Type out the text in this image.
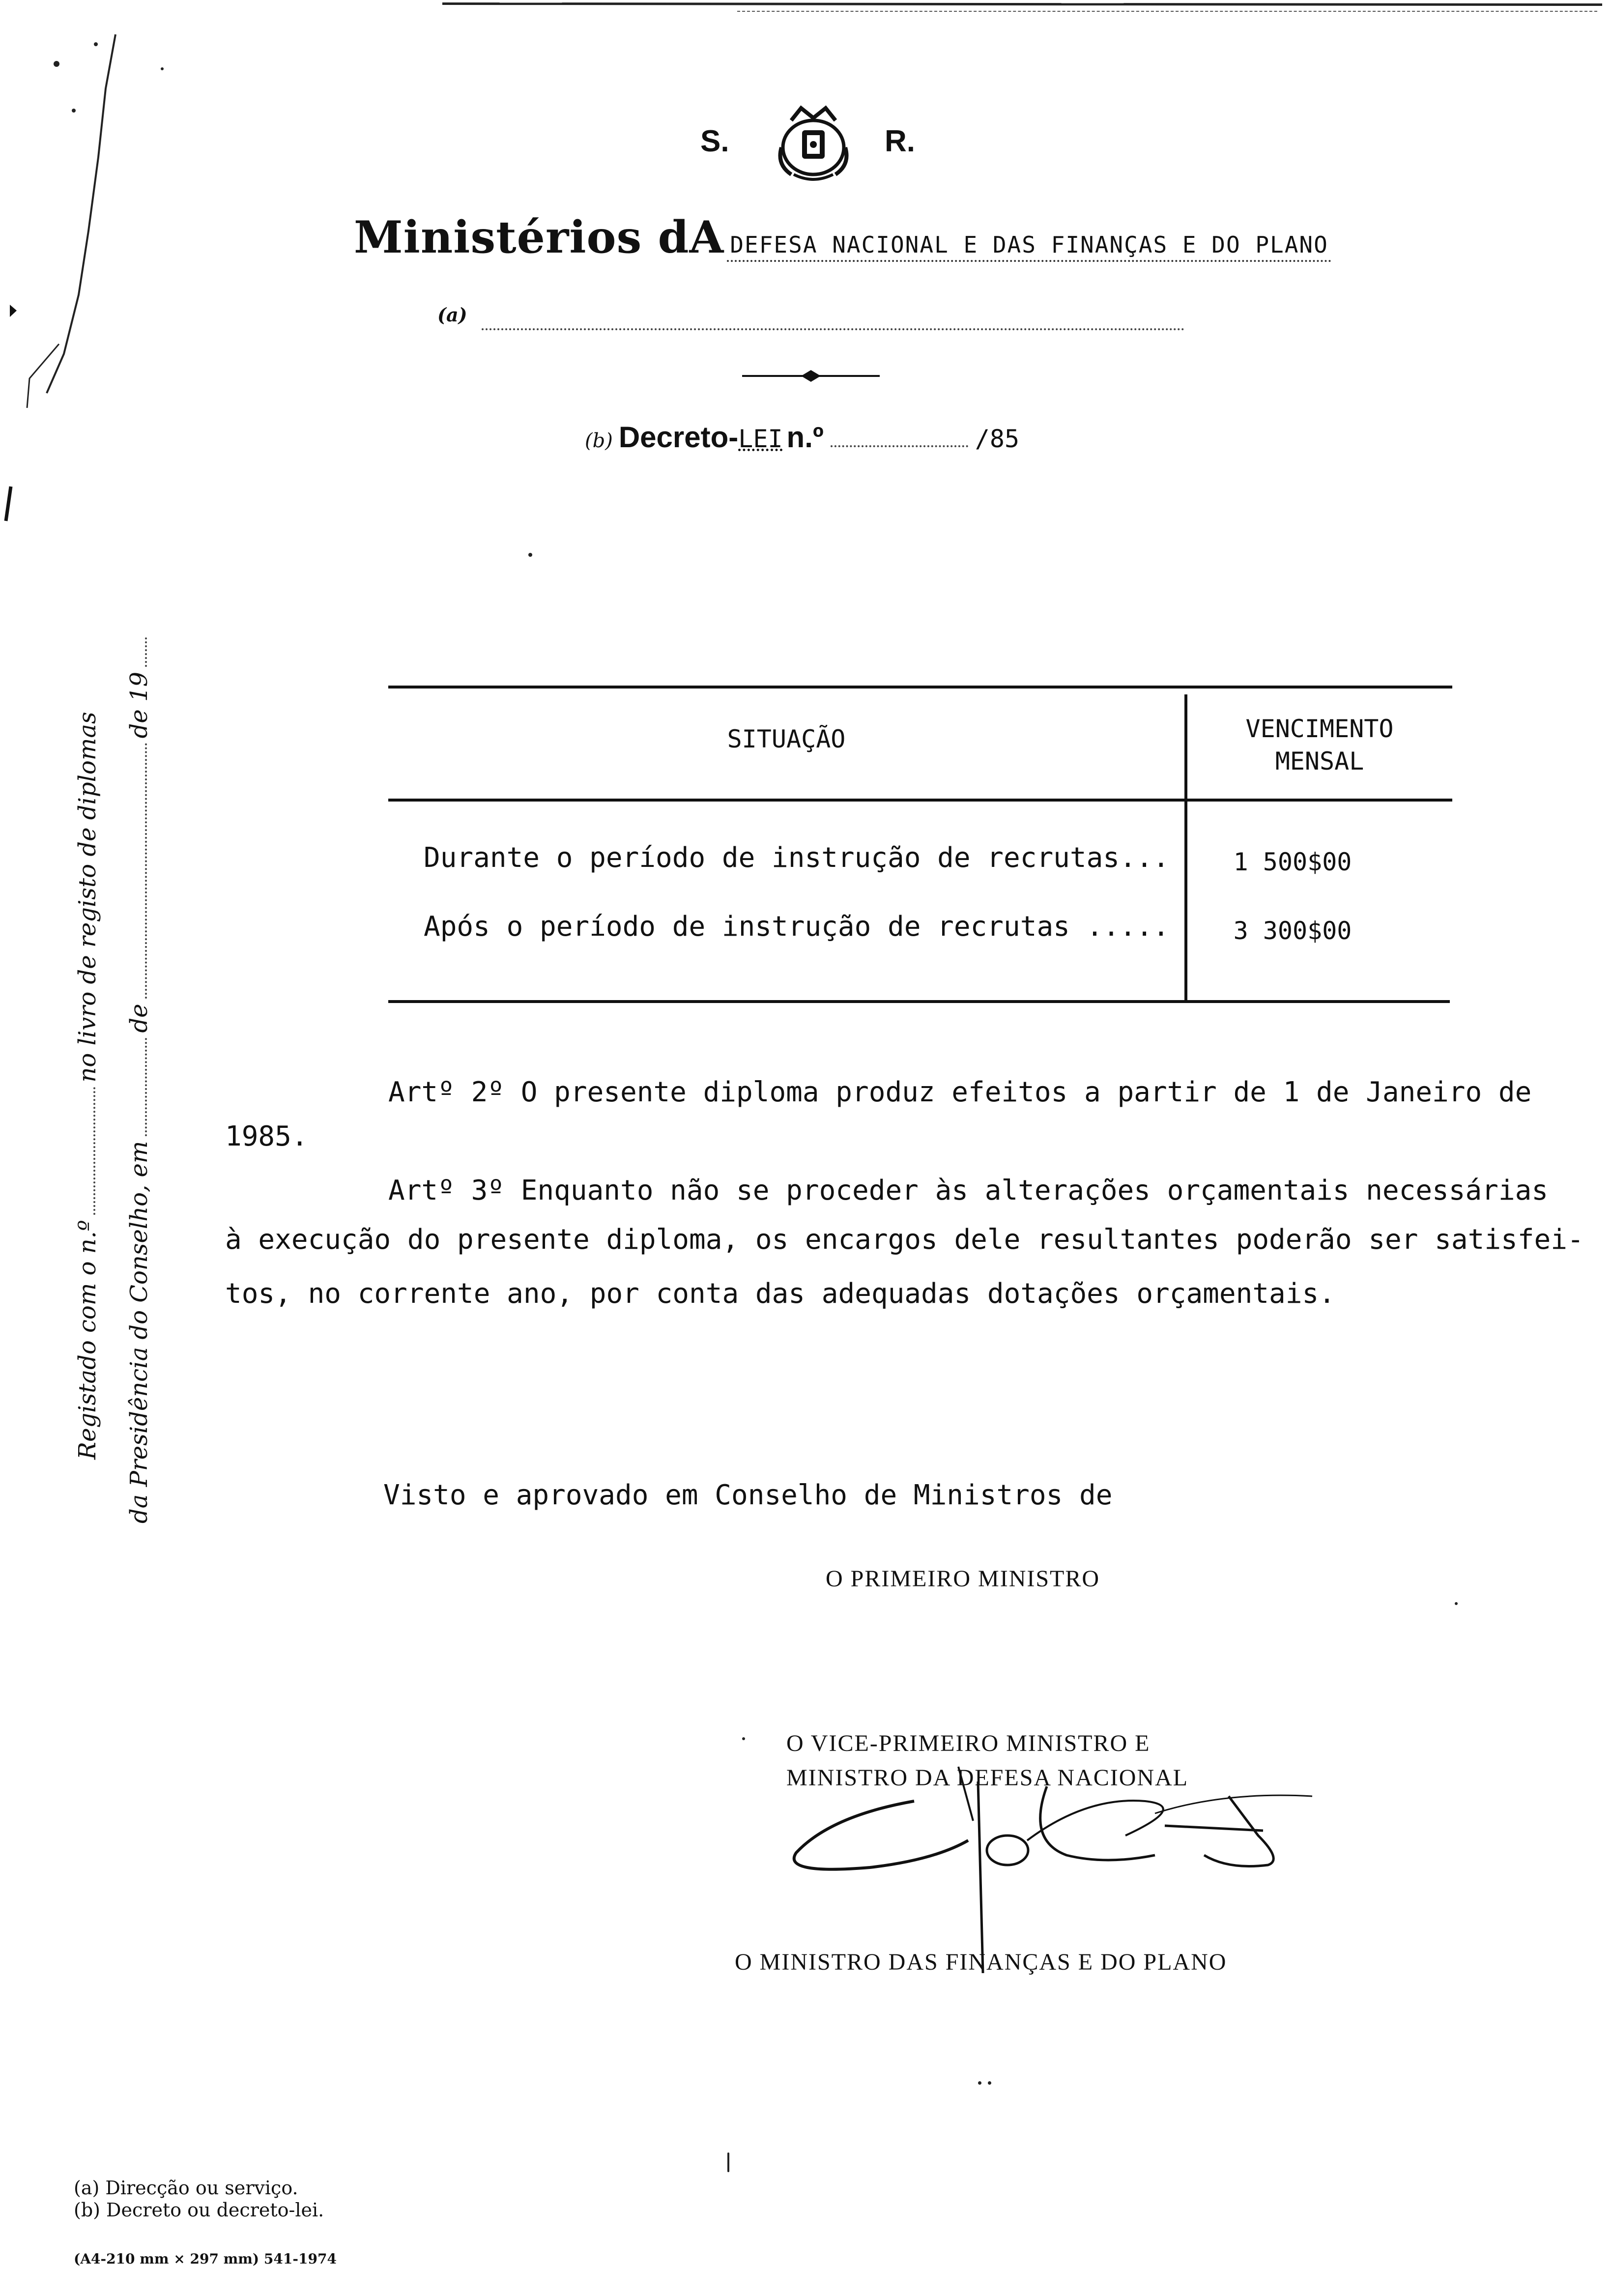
S.	R.
Ministérios dA DEFESA NACIONAL E DAS FINANÇAS E DO PLANO
(a)
(b) Decreto-LEI n.º	/85
Registado com o n.ºno livro de registo de diplomas
da Presidência do Conselho, emdede 19
SITUAÇÃO	VENCIMENTO
MENSAL
Durante o período de instrução de recrutas...	1 500$00
Após o período de instrução de recrutas .....	3 300$00
Artº 2º O presente diploma produz efeitos a partir de 1 de Janeiro de
1985.
Artº 3º Enquanto não se proceder às alterações orçamentais necessárias
à execução do presente diploma, os encargos dele resultantes poderão ser satisfei-
tos, no corrente ano, por conta das adequadas dotações orçamentais.
Visto e aprovado em Conselho de Ministros de
O PRIMEIRO MINISTRO
O VICE-PRIMEIRO MINISTRO E
MINISTRO DA DEFESA NACIONAL
O MINISTRO DAS FINANÇAS E DO PLANO
(a) Direcção ou serviço.
(b) Decreto ou decreto-lei.
(A4-210 mm × 297 mm) 541-1974
